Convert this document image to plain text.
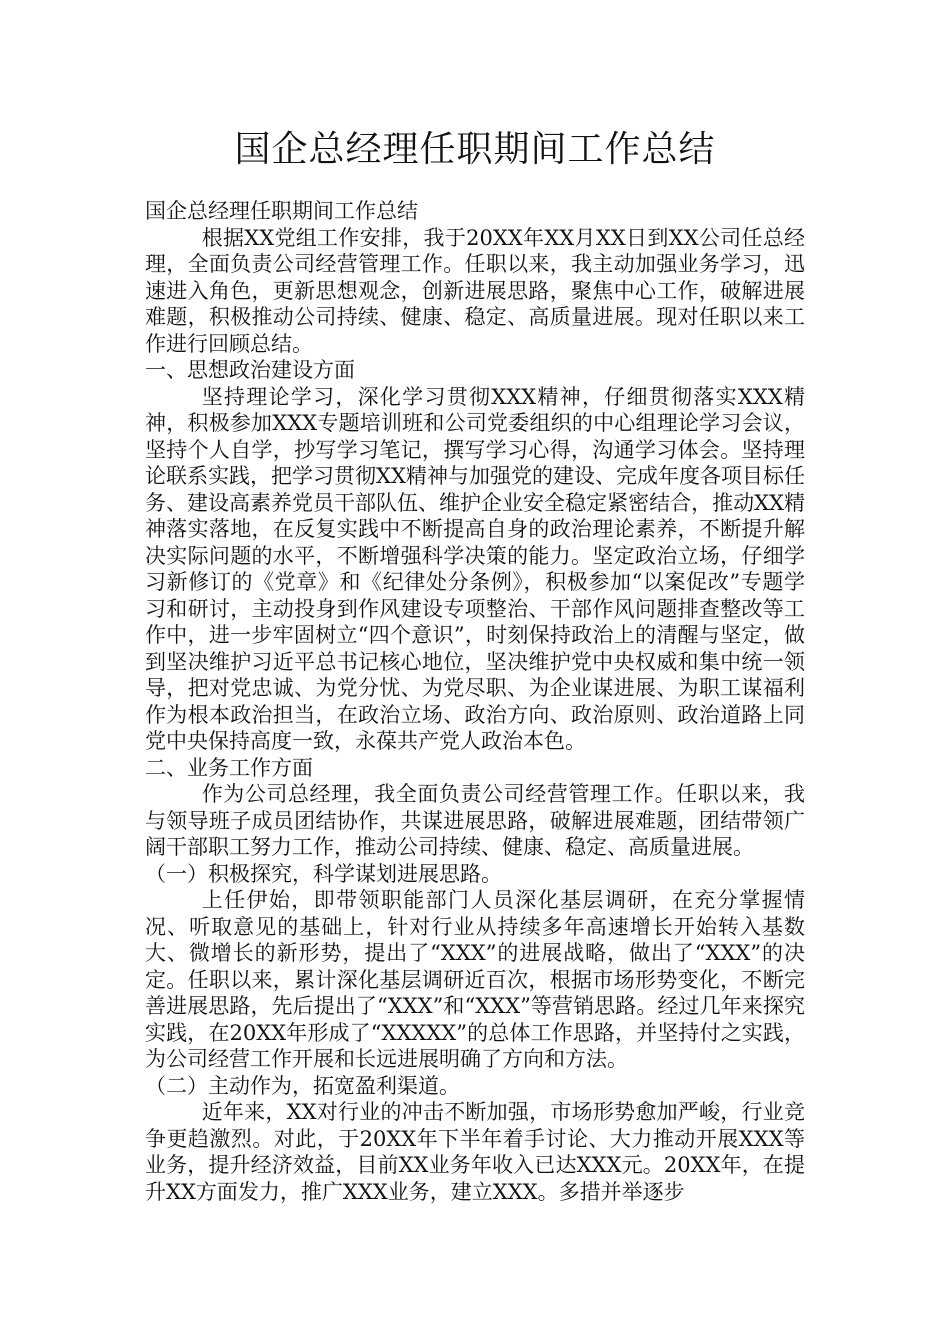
国企总经理任职期间工作总结

国企总经理任职期间工作总结

根据XX党组工作安排，我于20XX年XX月XX日到XX公司任总经理，全面负责公司经营管理工作。任职以来，我主动加强业务学习，迅速进入角色，更新思想观念，创新进展思路，聚焦中心工作，破解进展难题，积极推动公司持续、健康、稳定、高质量进展。现对任职以来工作进行回顾总结。

一、思想政治建设方面

坚持理论学习，深化学习贯彻XXX精神，仔细贯彻落实XXX精神，积极参加XXX专题培训班和公司党委组织的中心组理论学习会议，坚持个人自学，抄写学习笔记，撰写学习心得，沟通学习体会。坚持理论联系实践，把学习贯彻XX精神与加强党的建设、完成年度各项目标任务、建设高素养党员干部队伍、维护企业安全稳定紧密结合，推动XX精神落实落地，在反复实践中不断提高自身的政治理论素养，不断提升解决实际问题的水平，不断增强科学决策的能力。坚定政治立场，仔细学习新修订的《党章》和《纪律处分条例》，积极参加“以案促改”专题学习和研讨，主动投身到作风建设专项整治、干部作风问题排查整改等工作中，进一步牢固树立“四个意识”，时刻保持政治上的清醒与坚定，做到坚决维护习近平总书记核心地位，坚决维护党中央权威和集中统一领导，把对党忠诚、为党分忧、为党尽职、为企业谋进展、为职工谋福利作为根本政治担当，在政治立场、政治方向、政治原则、政治道路上同党中央保持高度一致，永葆共产党人政治本色。

二、业务工作方面

作为公司总经理，我全面负责公司经营管理工作。任职以来，我与领导班子成员团结协作，共谋进展思路，破解进展难题，团结带领广阔干部职工努力工作，推动公司持续、健康、稳定、高质量进展。

（一）积极探究，科学谋划进展思路。

上任伊始，即带领职能部门人员深化基层调研，在充分掌握情况、听取意见的基础上，针对行业从持续多年高速增长开始转入基数大、微增长的新形势，提出了“XXX”的进展战略，做出了“XXX”的决定。任职以来，累计深化基层调研近百次，根据市场形势变化，不断完善进展思路，先后提出了“XXX”和“XXX”等营销思路。经过几年来探究实践，在20XX年形成了“XXXXX”的总体工作思路，并坚持付之实践，为公司经营工作开展和长远进展明确了方向和方法。

（二）主动作为，拓宽盈利渠道。

近年来，XX对行业的冲击不断加强，市场形势愈加严峻，行业竞争更趋激烈。对此，于20XX年下半年着手讨论、大力推动开展XXX等业务，提升经济效益，目前XX业务年收入已达XXX元。20XX年，在提升XX方面发力，推广XXX业务，建立XXX。多措并举逐步
